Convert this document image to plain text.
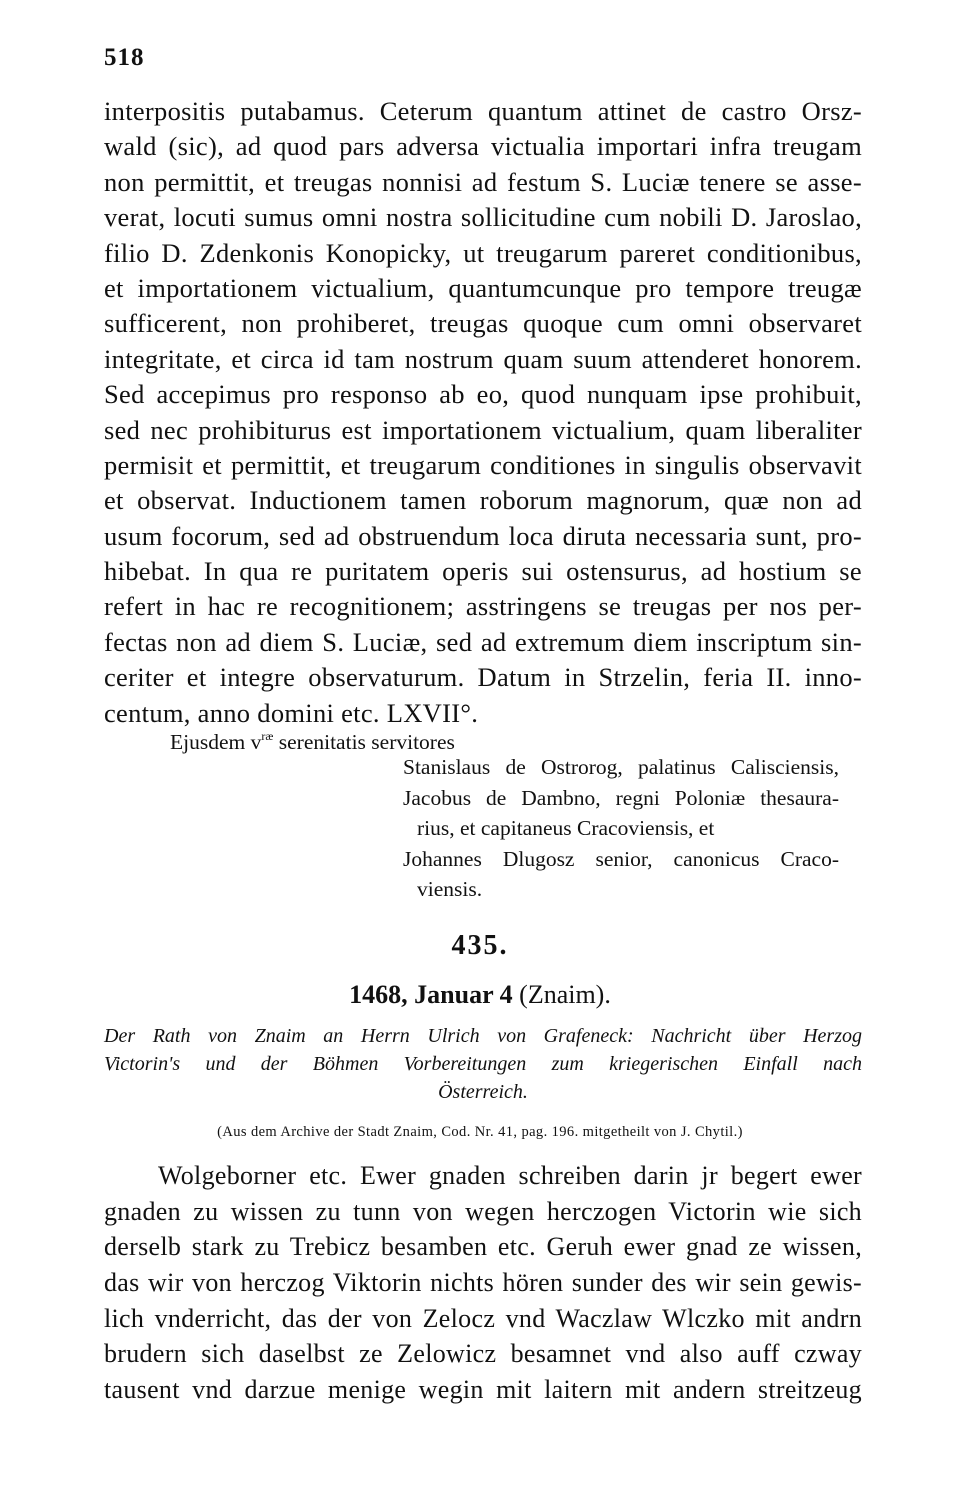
518
interpositis putabamus. Ceterum quantum attinet de castro Orsz-
wald (sic), ad quod pars adversa victualia importari infra treugam
non permittit, et treugas nonnisi ad festum S. Luciæ tenere se asse-
verat, locuti sumus omni nostra sollicitudine cum nobili D. Jaroslao,
filio D. Zdenkonis Konopicky, ut treugarum pareret conditionibus,
et importationem victualium, quantumcunque pro tempore treugæ
sufficerent, non prohiberet, treugas quoque cum omni observaret
integritate, et circa id tam nostrum quam suum attenderet honorem.
Sed accepimus pro responso ab eo, quod nunquam ipse prohibuit,
sed nec prohibiturus est importationem victualium, quam liberaliter
permisit et permittit, et treugarum conditiones in singulis observavit
et observat. Inductionem tamen roborum magnorum, quæ non ad
usum focorum, sed ad obstruendum loca diruta necessaria sunt, pro-
hibebat. In qua re puritatem operis sui ostensurus, ad hostium se
refert in hac re recognitionem; asstringens se treugas per nos per-
fectas non ad diem S. Luciæ, sed ad extremum diem inscriptum sin-
ceriter et integre observaturum. Datum in Strzelin, feria II. inno-
centum, anno domini etc. LXVII°.
Ejusdem $v^{ræ}$ serenitatis servitores
Stanislaus de Ostrorog, palatinus Calisciensis,
Jacobus de Dambno, regni Poloniæ thesaura-
rius, et capitaneus Cracoviensis, et
Johannes Dlugosz senior, canonicus Craco-
viensis.
435.
1468, Januar 4 (Znaim).
Der Rath von Znaim an Herrn Ulrich von Grafeneck: Nachricht über Herzog
Victorin's und der Böhmen Vorbereitungen zum kriegerischen Einfall nach
Österreich.
(Aus dem Archive der Stadt Znaim, Cod. Nr. 41, pag. 196. mitgetheilt von J. Chytil.)
Wolgeborner etc. Ewer gnaden schreiben darin jr begert ewer
gnaden zu wissen zu tunn von wegen herczogen Victorin wie sich
derselb stark zu Trebicz besamben etc. Geruh ewer gnad ze wissen,
das wir von herczog Viktorin nichts hören sunder des wir sein gewis-
lich vnderricht, das der von Zelocz vnd Waczlaw Wlczko mit andrn
brudern sich daselbst ze Zelowicz besamnet vnd also auff czway
tausent vnd darzue menige wegin mit laitern mit andern streitzeug
